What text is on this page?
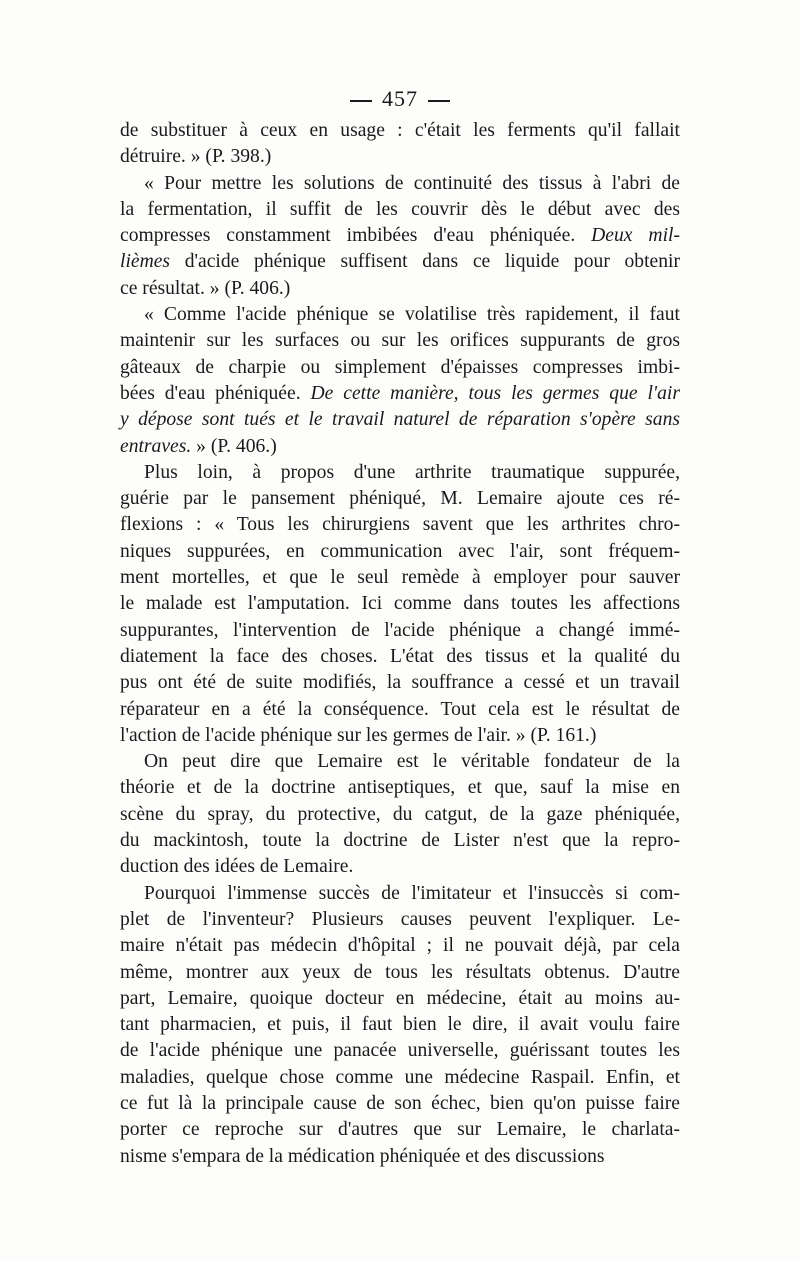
457
de substituer à ceux en usage : c'était les ferments qu'il fallait
détruire. » (P. 398.)
« Pour mettre les solutions de continuité des tissus à l'abri de
la fermentation, il suffit de les couvrir dès le début avec des
compresses constamment imbibées d'eau phéniquée. Deux mil-
lièmes d'acide phénique suffisent dans ce liquide pour obtenir
ce résultat. » (P. 406.)
« Comme l'acide phénique se volatilise très rapidement, il faut
maintenir sur les surfaces ou sur les orifices suppurants de gros
gâteaux de charpie ou simplement d'épaisses compresses imbi-
bées d'eau phéniquée. De cette manière, tous les germes que l'air
y dépose sont tués et le travail naturel de réparation s'opère sans
entraves. » (P. 406.)
Plus loin, à propos d'une arthrite traumatique suppurée,
guérie par le pansement phéniqué, M. Lemaire ajoute ces ré-
flexions : « Tous les chirurgiens savent que les arthrites chro-
niques suppurées, en communication avec l'air, sont fréquem-
ment mortelles, et que le seul remède à employer pour sauver
le malade est l'amputation. Ici comme dans toutes les affections
suppurantes, l'intervention de l'acide phénique a changé immé-
diatement la face des choses. L'état des tissus et la qualité du
pus ont été de suite modifiés, la souffrance a cessé et un travail
réparateur en a été la conséquence. Tout cela est le résultat de
l'action de l'acide phénique sur les germes de l'air. » (P. 161.)
On peut dire que Lemaire est le véritable fondateur de la
théorie et de la doctrine antiseptiques, et que, sauf la mise en
scène du spray, du protective, du catgut, de la gaze phéniquée,
du mackintosh, toute la doctrine de Lister n'est que la repro-
duction des idées de Lemaire.
Pourquoi l'immense succès de l'imitateur et l'insuccès si com-
plet de l'inventeur? Plusieurs causes peuvent l'expliquer. Le-
maire n'était pas médecin d'hôpital ; il ne pouvait déjà, par cela
même, montrer aux yeux de tous les résultats obtenus. D'autre
part, Lemaire, quoique docteur en médecine, était au moins au-
tant pharmacien, et puis, il faut bien le dire, il avait voulu faire
de l'acide phénique une panacée universelle, guérissant toutes les
maladies, quelque chose comme une médecine Raspail. Enfin, et
ce fut là la principale cause de son échec, bien qu'on puisse faire
porter ce reproche sur d'autres que sur Lemaire, le charlata-
nisme s'empara de la médication phéniquée et des discussions
